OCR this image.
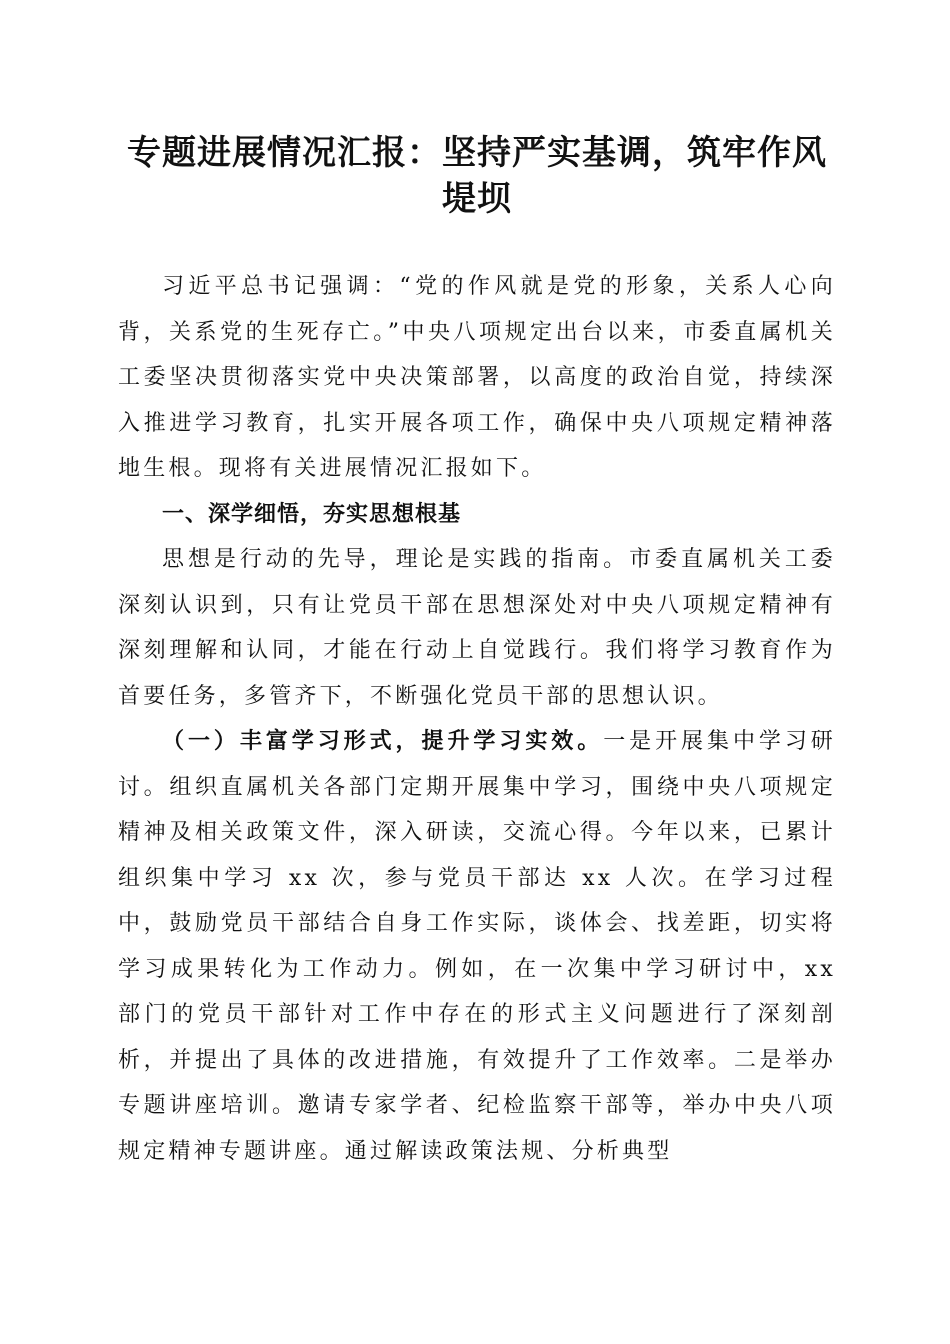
专题进展情况汇报：坚持严实基调，筑牢作风堤坝

习近平总书记强调：“党的作风就是党的形象，关系人心向背，关系党的生死存亡。”中央八项规定出台以来，市委直属机关工委坚决贯彻落实党中央决策部署，以高度的政治自觉，持续深入推进学习教育，扎实开展各项工作，确保中央八项规定精神落地生根。现将有关进展情况汇报如下。

一、深学细悟，夯实思想根基

思想是行动的先导，理论是实践的指南。市委直属机关工委深刻认识到，只有让党员干部在思想深处对中央八项规定精神有深刻理解和认同，才能在行动上自觉践行。我们将学习教育作为首要任务，多管齐下，不断强化党员干部的思想认识。

（一）丰富学习形式，提升学习实效。一是开展集中学习研讨。组织直属机关各部门定期开展集中学习，围绕中央八项规定精神及相关政策文件，深入研读，交流心得。今年以来，已累计组织集中学习 xx 次，参与党员干部达 xx 人次。在学习过程中，鼓励党员干部结合自身工作实际，谈体会、找差距，切实将学习成果转化为工作动力。例如，在一次集中学习研讨中，xx 部门的党员干部针对工作中存在的形式主义问题进行了深刻剖析，并提出了具体的改进措施，有效提升了工作效率。二是举办专题讲座培训。邀请专家学者、纪检监察干部等，举办中央八项规定精神专题讲座。通过解读政策法规、分析典型
